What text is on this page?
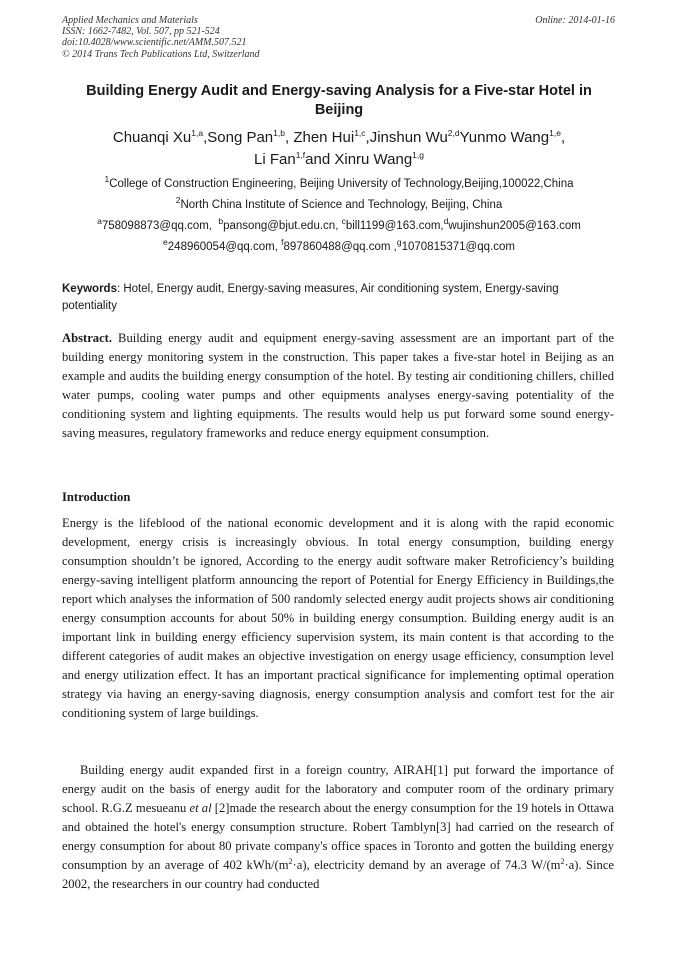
Applied Mechanics and Materials
ISSN: 1662-7482, Vol. 507, pp 521-524
doi:10.4028/www.scientific.net/AMM.507.521
© 2014 Trans Tech Publications Ltd, Switzerland
Online: 2014-01-16
Building Energy Audit and Energy-saving Analysis for a Five-star Hotel in Beijing
Chuanqi Xu$^{1,a}$,Song Pan$^{1,b}$, Zhen Hui$^{1,c}$,Jinshun Wu$^{2,d}$Yunmo Wang$^{1,e}$,
Li Fan$^{1,f}$and Xinru Wang$^{1,g}$
$^1$College of Construction Engineering, Beijing University of Technology,Beijing,100022,China
$^2$North China Institute of Science and Technology, Beijing, China
$^a$758098873@qq.com, $^b$pansong@bjut.edu.cn, $^c$bill1199@163.com,$^d$wujinshun2005@163.com
$^e$248960054@qq.com, $^f$897860488@qq.com ,$^g$1070815371@qq.com
Keywords: Hotel, Energy audit, Energy-saving measures, Air conditioning system, Energy-saving potentiality
Abstract. Building energy audit and equipment energy-saving assessment are an important part of the building energy monitoring system in the construction. This paper takes a five-star hotel in Beijing as an example and audits the building energy consumption of the hotel. By testing air conditioning chillers, chilled water pumps, cooling water pumps and other equipments analyses energy-saving potentiality of the conditioning system and lighting equipments. The results would help us put forward some sound energy-saving measures, regulatory frameworks and reduce energy equipment consumption.
Introduction
Energy is the lifeblood of the national economic development and it is along with the rapid economic development, energy crisis is increasingly obvious. In total energy consumption, building energy consumption shouldn’t be ignored, According to the energy audit software maker Retroficiency’s building energy-saving intelligent platform announcing the report of Potential for Energy Efficiency in Buildings,the report which analyses the information of 500 randomly selected energy audit projects shows air conditioning energy consumption accounts for about 50% in building energy consumption. Building energy audit is an important link in building energy efficiency supervision system, its main content is that according to the different categories of audit makes an objective investigation on energy usage efficiency, consumption level and energy utilization effect. It has an important practical significance for implementing optimal operation strategy via having an energy-saving diagnosis, energy consumption analysis and comfort test for the air conditioning system of large buildings.
Building energy audit expanded first in a foreign country, AIRAH[1] put forward the importance of energy audit on the basis of energy audit for the laboratory and computer room of the ordinary primary school. R.G.Z mesueanu et al [2]made the research about the energy consumption for the 19 hotels in Ottawa and obtained the hotel's energy consumption structure. Robert Tamblyn[3] had carried on the research of energy consumption for about 80 private company's office spaces in Toronto and gotten the building energy consumption by an average of 402 kWh/$(m^2\cdot a)$, electricity demand by an average of 74.3 $W/(m^2\cdot a)$. Since 2002, the researchers in our country had conducted
